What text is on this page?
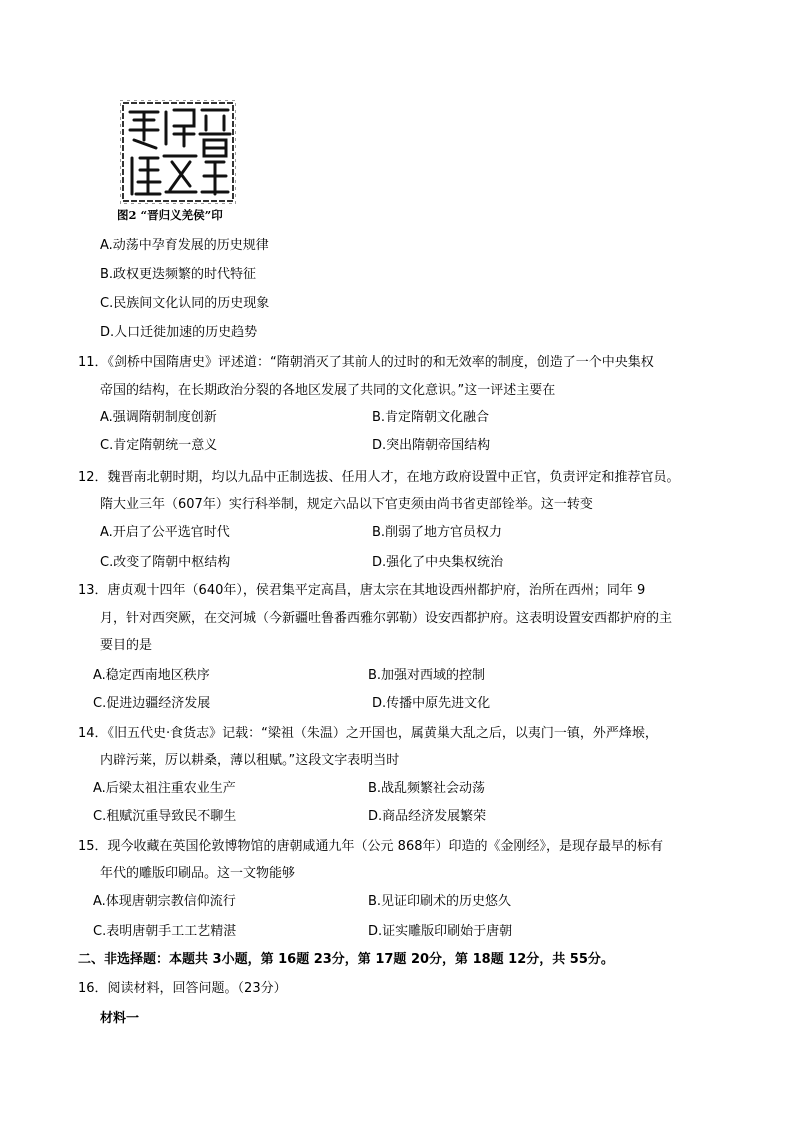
图2 “晋归义羌侯”印
A.动荡中孕育发展的历史规律
B.政权更迭频繁的时代特征
C.民族间文化认同的历史现象
D.人口迁徙加速的历史趋势
11．《剑桥中国隋唐史》评述道：“隋朝消灭了其前人的过时的和无效率的制度，创造了一个中央集权
帝国的结构，在长期政治分裂的各地区发展了共同的文化意识。”这一评述主要在
A.强调隋朝制度创新	B.肯定隋朝文化融合
C.肯定隋朝统一意义	D.突出隋朝帝国结构
12．魏晋南北朝时期，均以九品中正制选拔、任用人才，在地方政府设置中正官，负责评定和推荐官员。
隋大业三年（607年）实行科举制，规定六品以下官吏须由尚书省吏部铨举。这一转变
A.开启了公平选官时代	B.削弱了地方官员权力
C.改变了隋朝中枢结构	D.强化了中央集权统治
13．唐贞观十四年（640年），侯君集平定高昌，唐太宗在其地设西州都护府，治所在西州；同年 9
月，针对西突厥，在交河城（今新疆吐鲁番西雅尔郭勒）设安西都护府。这表明设置安西都护府的主
要目的是
A.稳定西南地区秩序	B.加强对西域的控制
C.促进边疆经济发展	D.传播中原先进文化
14．《旧五代史·食货志》记载：“梁祖（朱温）之开国也，属黄巢大乱之后，以夷门一镇，外严烽堠，
内辟污莱，厉以耕桑，薄以租赋。”这段文字表明当时
A.后梁太祖注重农业生产	B.战乱频繁社会动荡
C.租赋沉重导致民不聊生	D.商品经济发展繁荣
15．现今收藏在英国伦敦博物馆的唐朝咸通九年（公元 868年）印造的《金刚经》，是现存最早的标有
年代的雕版印刷品。这一文物能够
A.体现唐朝宗教信仰流行	B.见证印刷术的历史悠久
C.表明唐朝手工工艺精湛	D.证实雕版印刷始于唐朝
二、非选择题：本题共 3小题，第 16题 23分，第 17题 20分，第 18题 12分，共 55分。
16．阅读材料，回答问题。（23分）
材料一
